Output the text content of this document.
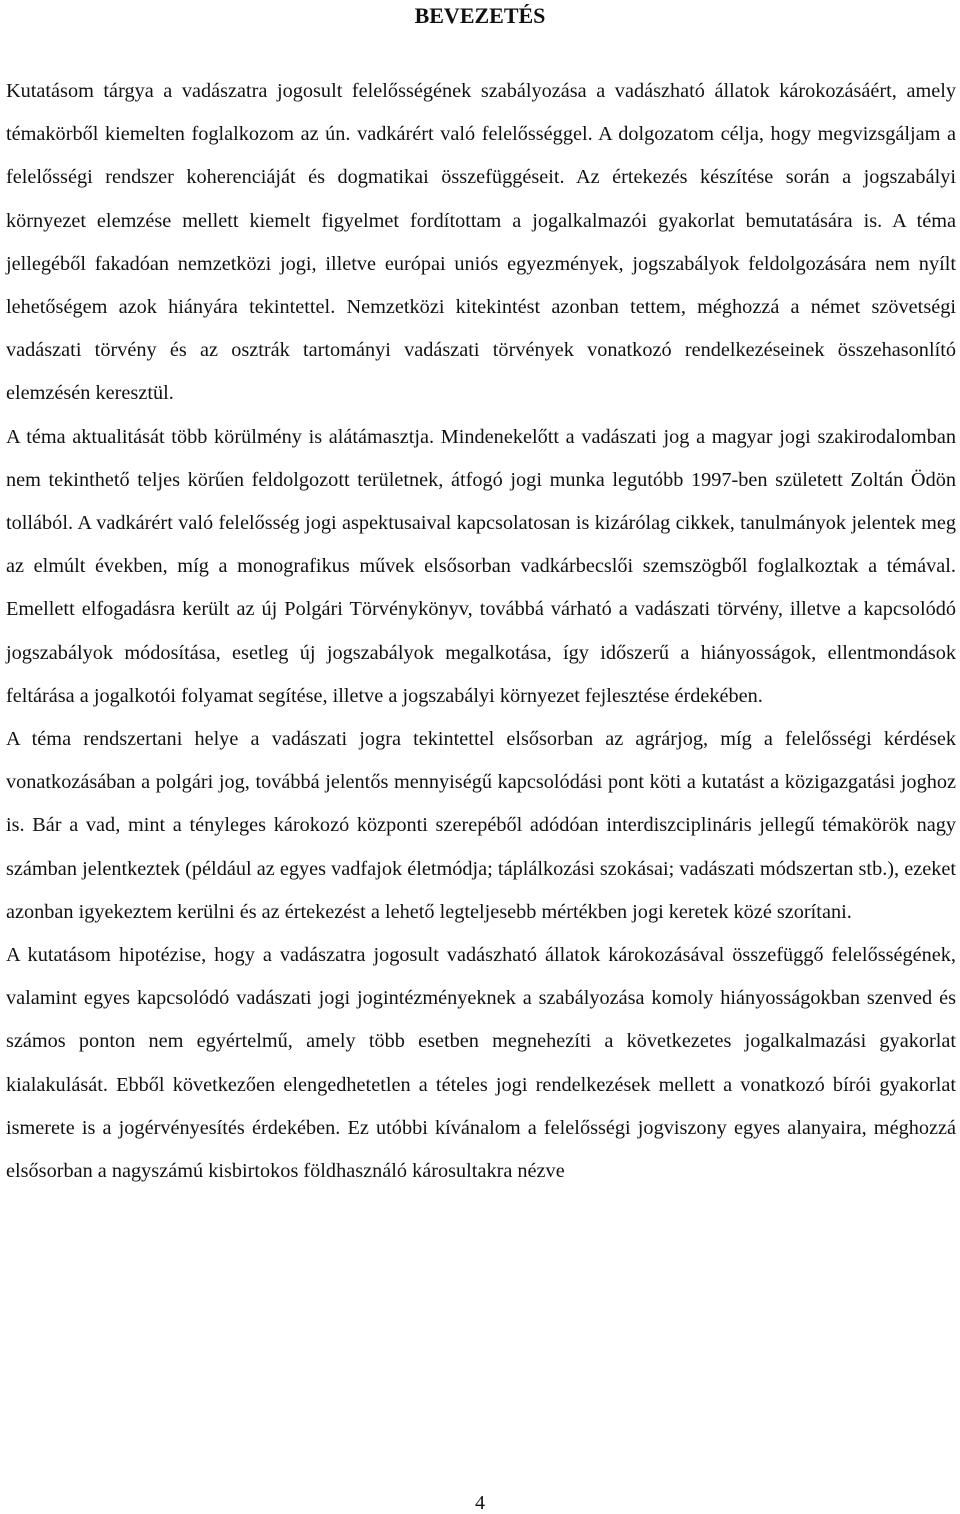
BEVEZETÉS

Kutatásom tárgya a vadászatra jogosult felelősségének szabályozása a vadászható állatok károkozásáért, amely témakörből kiemelten foglalkozom az ún. vadkárért való felelősséggel. A dolgozatom célja, hogy megvizsgáljam a felelősségi rendszer koherenciáját és dogmatikai összefüggéseit. Az értekezés készítése során a jogszabályi környezet elemzése mellett kiemelt figyelmet fordítottam a jogalkalmazói gyakorlat bemutatására is. A téma jellegéből fakadóan nemzetközi jogi, illetve európai uniós egyezmények, jogszabályok feldolgozására nem nyílt lehetőségem azok hiányára tekintettel. Nemzetközi kitekintést azonban tettem, méghozzá a német szövetségi vadászati törvény és az osztrák tartományi vadászati törvények vonatkozó rendelkezéseinek összehasonlító elemzésén keresztül.

A téma aktualitását több körülmény is alátámasztja. Mindenekelőtt a vadászati jog a magyar jogi szakirodalomban nem tekinthető teljes körűen feldolgozott területnek, átfogó jogi munka legutóbb 1997-ben született Zoltán Ödön tollából. A vadkárért való felelősség jogi aspektusaival kapcsolatosan is kizárólag cikkek, tanulmányok jelentek meg az elmúlt években, míg a monografikus művek elsősorban vadkárbecslői szemszögből foglalkoztak a témával. Emellett elfogadásra került az új Polgári Törvénykönyv, továbbá várható a vadászati törvény, illetve a kapcsolódó jogszabályok módosítása, esetleg új jogszabályok megalkotása, így időszerű a hiányosságok, ellentmondások feltárása a jogalkotói folyamat segítése, illetve a jogszabályi környezet fejlesztése érdekében.

A téma rendszertani helye a vadászati jogra tekintettel elsősorban az agrárjog, míg a felelősségi kérdések vonatkozásában a polgári jog, továbbá jelentős mennyiségű kapcsolódási pont köti a kutatást a közigazgatási joghoz is. Bár a vad, mint a tényleges károkozó központi szerepéből adódóan interdiszciplináris jellegű témakörök nagy számban jelentkeztek (például az egyes vadfajok életmódja; táplálkozási szokásai; vadászati módszertan stb.), ezeket azonban igyekeztem kerülni és az értekezést a lehető legteljesebb mértékben jogi keretek közé szorítani.

A kutatásom hipotézise, hogy a vadászatra jogosult vadászható állatok károkozásával összefüggő felelősségének, valamint egyes kapcsolódó vadászati jogi jogintézményeknek a szabályozása komoly hiányosságokban szenved és számos ponton nem egyértelmű, amely több esetben megnehezíti a következetes jogalkalmazási gyakorlat kialakulását. Ebből következően elengedhetetlen a tételes jogi rendelkezések mellett a vonatkozó bírói gyakorlat ismerete is a jogérvényesítés érdekében. Ez utóbbi kívánalom a felelősségi jogviszony egyes alanyaira, méghozzá elsősorban a nagyszámú kisbirtokos földhasználó károsultakra nézve

4
